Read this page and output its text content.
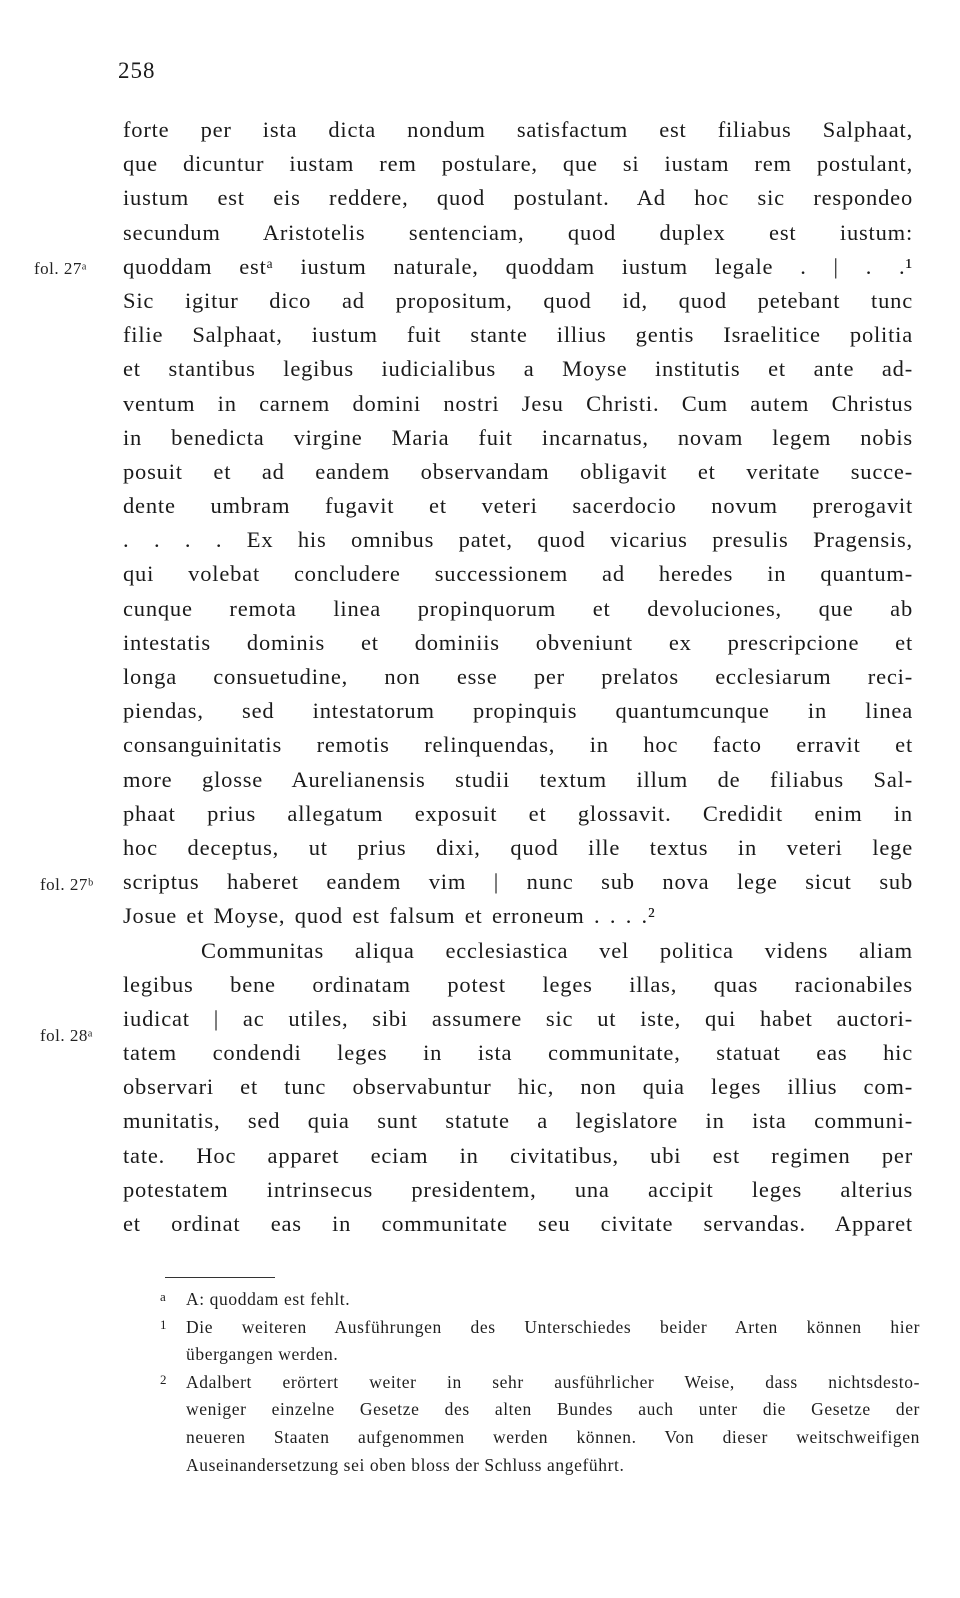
258
fol. 27ᵃ
fol. 27ᵇ
fol. 28ᵃ
forte per ista dicta nondum satisfactum est filiabus Salphaat,
que dicuntur iustam rem postulare, que si iustam rem postulant,
iustum est eis reddere, quod postulant. Ad hoc sic respondeo
secundum Aristotelis sentenciam, quod duplex est iustum:
quoddam estᵃ iustum naturale, quoddam iustum legale . | . .¹
Sic igitur dico ad propositum, quod id, quod petebant tunc
filie Salphaat, iustum fuit stante illius gentis Israelitice politia
et stantibus legibus iudicialibus a Moyse institutis et ante ad-
ventum in carnem domini nostri Jesu Christi. Cum autem Christus
in benedicta virgine Maria fuit incarnatus, novam legem nobis
posuit et ad eandem observandam obligavit et veritate succe-
dente umbram fugavit et veteri sacerdocio novum prerogavit
. . . . Ex his omnibus patet, quod vicarius presulis Pragensis,
qui volebat concludere successionem ad heredes in quantum-
cunque remota linea propinquorum et devoluciones, que ab
intestatis dominis et dominiis obveniunt ex prescripcione et
longa consuetudine, non esse per prelatos ecclesiarum reci-
piendas, sed intestatorum propinquis quantumcunque in linea
consanguinitatis remotis relinquendas, in hoc facto erravit et
more glosse Aurelianensis studii textum illum de filiabus Sal-
phaat prius allegatum exposuit et glossavit. Credidit enim in
hoc deceptus, ut prius dixi, quod ille textus in veteri lege
scriptus haberet eandem vim | nunc sub nova lege sicut sub
Josue et Moyse, quod est falsum et erroneum . . . .²
Communitas aliqua ecclesiastica vel politica videns aliam
legibus bene ordinatam potest leges illas, quas racionabiles
iudicat | ac utiles, sibi assumere sic ut iste, qui habet auctori-
tatem condendi leges in ista communitate, statuat eas hic
observari et tunc observabuntur hic, non quia leges illius com-
munitatis, sed quia sunt statute a legislatore in ista communi-
tate. Hoc apparet eciam in civitatibus, ubi est regimen per
potestatem intrinsecus presidentem, una accipit leges alterius
et ordinat eas in communitate seu civitate servandas. Apparet
a A: quoddam est fehlt.
1 Die weiteren Ausführungen des Unterschiedes beider Arten können hier
übergangen werden.
2 Adalbert erörtert weiter in sehr ausführlicher Weise, dass nichtsdesto-
weniger einzelne Gesetze des alten Bundes auch unter die Gesetze der
neueren Staaten aufgenommen werden können. Von dieser weitschweifigen
Auseinandersetzung sei oben bloss der Schluss angeführt.
